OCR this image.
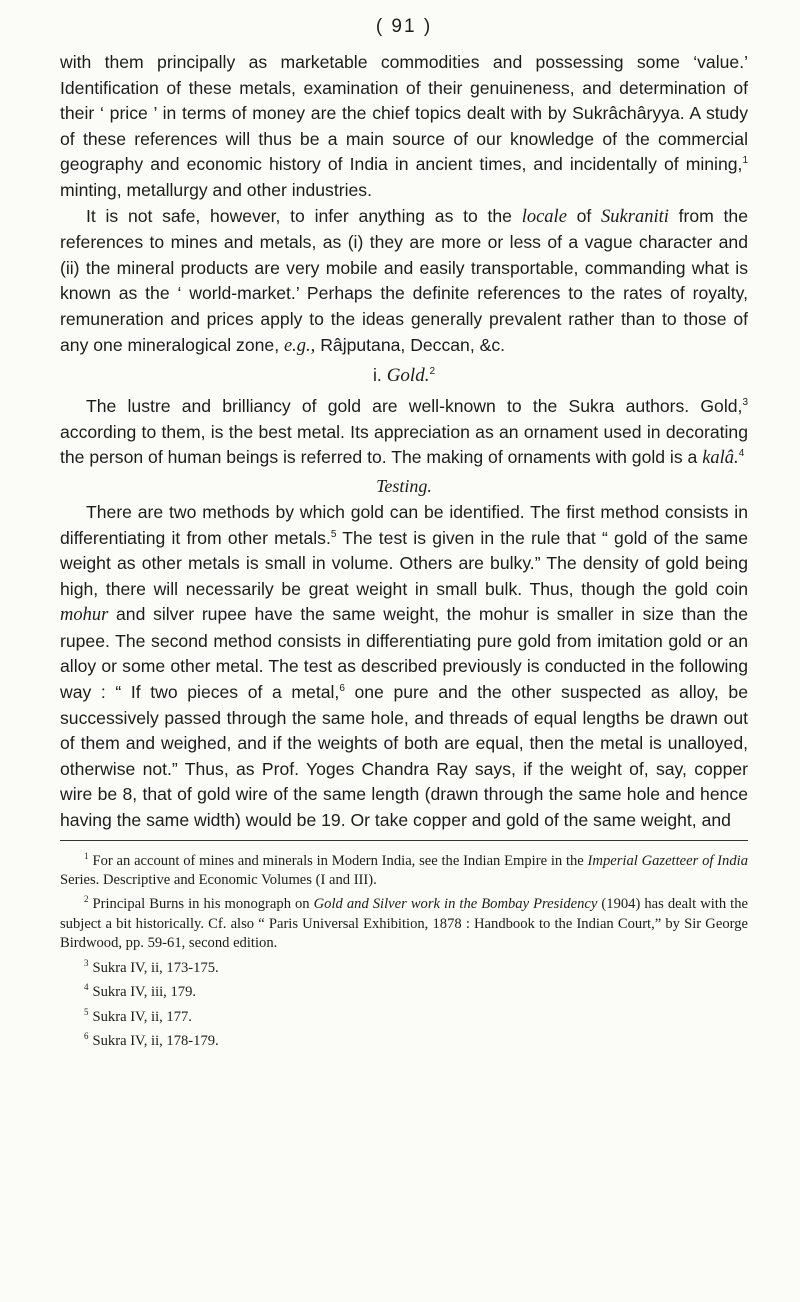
( 91 )

with them principally as marketable commodities and possessing some ‘value.’ Identification of these metals, examination of their genuineness, and determination of their ‘ price ’ in terms of money are the chief topics dealt with by Sukrâchâryya. A study of these references will thus be a main source of our knowledge of the commercial geography and economic history of India in ancient times, and incidentally of mining,$^1$ minting, metallurgy and other industries.

It is not safe, however, to infer anything as to the locale of Sukraniti from the references to mines and metals, as (i) they are more or less of a vague character and (ii) the mineral products are very mobile and easily transportable, commanding what is known as the ‘ world-market.’ Perhaps the definite references to the rates of royalty, remuneration and prices apply to the ideas generally prevalent rather than to those of any one mineralogical zone, e.g., Râjputana, Deccan, &c.

i. Gold.$^2$

The lustre and brilliancy of gold are well-known to the Sukra authors. Gold,$^3$ according to them, is the best metal. Its appreciation as an ornament used in decorating the person of human beings is referred to. The making of ornaments with gold is a kalâ.$^4$

Testing.

There are two methods by which gold can be identified. The first method consists in differentiating it from other metals.$^5$ The test is given in the rule that “ gold of the same weight as other metals is small in volume. Others are bulky.” The density of gold being high, there will necessarily be great weight in small bulk. Thus, though the gold coin mohur and silver rupee have the same weight, the mohur is smaller in size than the rupee. The second method consists in differentiating pure gold from imitation gold or an alloy or some other metal. The test as described previously is conducted in the following way : “ If two pieces of a metal,$^6$ one pure and the other suspected as alloy, be successively passed through the same hole, and threads of equal lengths be drawn out of them and weighed, and if the weights of both are equal, then the metal is unalloyed, otherwise not.” Thus, as Prof. Yoges Chandra Ray says, if the weight of, say, copper wire be 8, that of gold wire of the same length (drawn through the same hole and hence having the same width) would be 19. Or take copper and gold of the same weight, and

$^1$ For an account of mines and minerals in Modern India, see the Indian Empire in the Imperial Gazetteer of India Series. Descriptive and Economic Volumes (I and III).

$^2$ Principal Burns in his monograph on Gold and Silver work in the Bombay Presidency (1904) has dealt with the subject a bit historically. Cf. also “ Paris Universal Exhibition, 1878 : Handbook to the Indian Court,” by Sir George Birdwood, pp. 59-61, second edition.

$^3$ Sukra IV, ii, 173-175.

$^4$ Sukra IV, iii, 179.

$^5$ Sukra IV, ii, 177.

$^6$ Sukra IV, ii, 178-179.
